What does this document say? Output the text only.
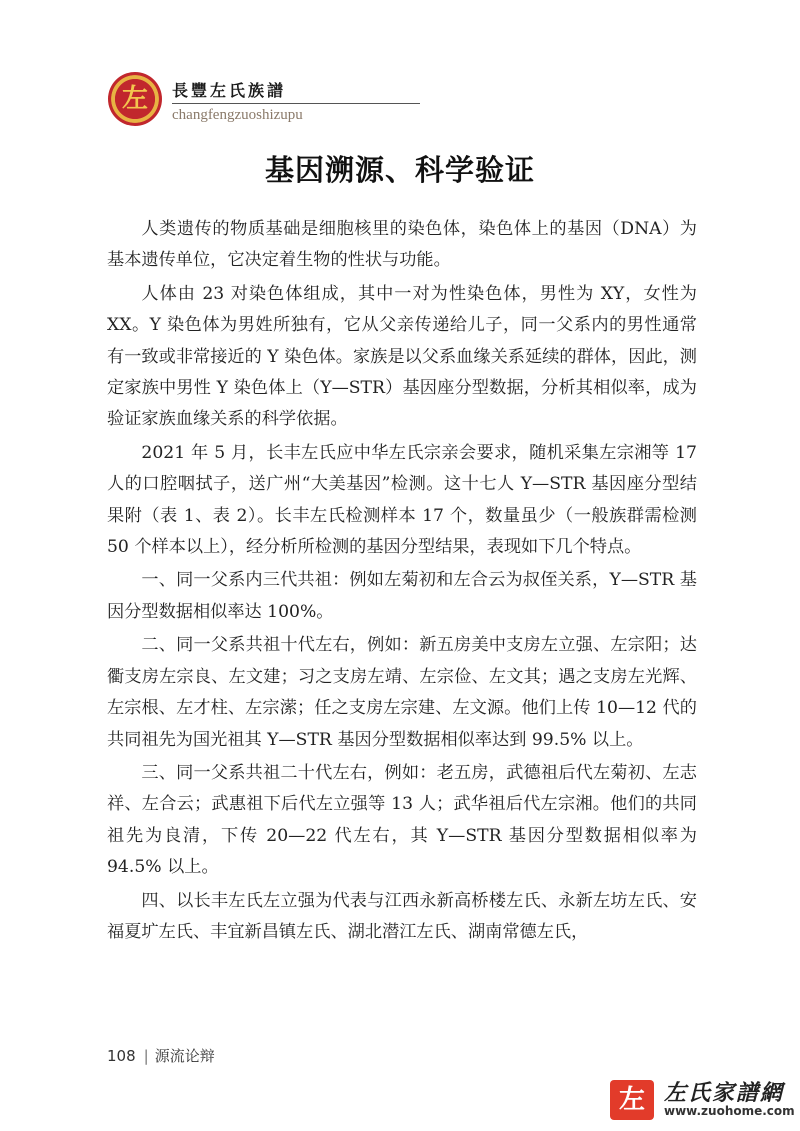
左	長豐左氏族譜
changfengzuoshizupu
基因溯源、科学验证

人类遗传的物质基础是细胞核里的染色体，染色体上的基因（DNA）为基本遗传单位，它决定着生物的性状与功能。

人体由 23 对染色体组成，其中一对为性染色体，男性为 XY，女性为 XX。Y 染色体为男姓所独有，它从父亲传递给儿子，同一父系内的男性通常有一致或非常接近的 Y 染色体。家族是以父系血缘关系延续的群体，因此，测定家族中男性 Y 染色体上（Y—STR）基因座分型数据，分析其相似率，成为验证家族血缘关系的科学依据。

2021 年 5 月，长丰左氏应中华左氏宗亲会要求，随机采集左宗湘等 17 人的口腔咽拭子，送广州“大美基因”检测。这十七人 Y—STR 基因座分型结果附（表 1、表 2）。长丰左氏检测样本 17 个，数量虽少（一般族群需检测 50 个样本以上），经分析所检测的基因分型结果，表现如下几个特点。

一、同一父系内三代共祖：例如左菊初和左合云为叔侄关系，Y—STR 基因分型数据相似率达 100%。

二、同一父系共祖十代左右，例如：新五房美中支房左立强、左宗阳；达衢支房左宗良、左文建；习之支房左靖、左宗俭、左文其；遇之支房左光辉、左宗根、左才柱、左宗潆；任之支房左宗建、左文源。他们上传 10—12 代的共同祖先为国光祖其 Y—STR 基因分型数据相似率达到 99.5% 以上。

三、同一父系共祖二十代左右，例如：老五房，武德祖后代左菊初、左志祥、左合云；武惠祖下后代左立强等 13 人；武华祖后代左宗湘。他们的共同祖先为良清，下传 20—22 代左右，其 Y—STR 基因分型数据相似率为 94.5% 以上。

四、以长丰左氏左立强为代表与江西永新高桥楼左氏、永新左坊左氏、安福夏圹左氏、丰宜新昌镇左氏、湖北潜江左氏、湖南常德左氏，

108 | 源流论辩
左 左氏家譜網
www.zuohome.com
